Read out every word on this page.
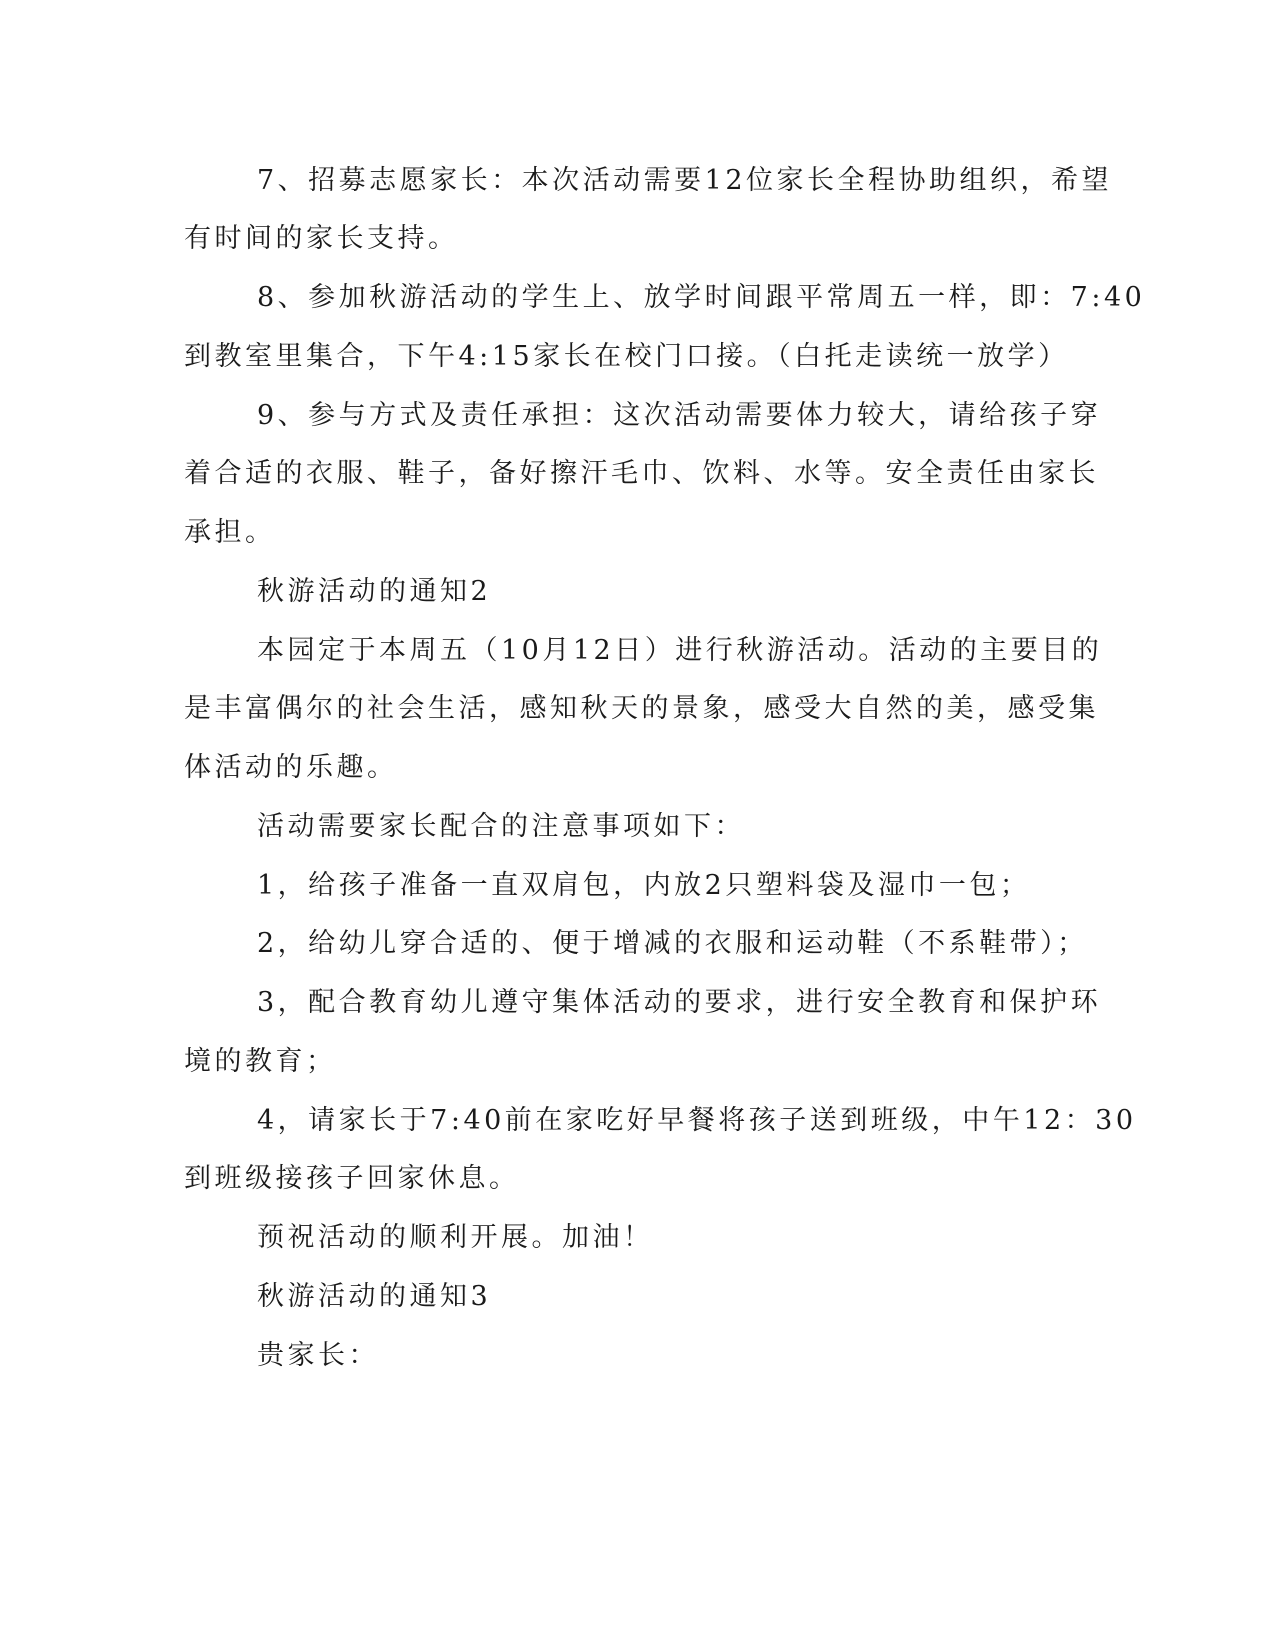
7、招募志愿家长：本次活动需要12位家长全程协助组织，希望
有时间的家长支持。
8、参加秋游活动的学生上、放学时间跟平常周五一样，即：7:40
到教室里集合，下午4:15家长在校门口接。（白托走读统一放学）
9、参与方式及责任承担：这次活动需要体力较大，请给孩子穿
着合适的衣服、鞋子，备好擦汗毛巾、饮料、水等。安全责任由家长
承担。
秋游活动的通知2
本园定于本周五（10月12日）进行秋游活动。活动的主要目的
是丰富偶尔的社会生活，感知秋天的景象，感受大自然的美，感受集
体活动的乐趣。
活动需要家长配合的注意事项如下：
1，给孩子准备一直双肩包，内放2只塑料袋及湿巾一包；
2，给幼儿穿合适的、便于增减的衣服和运动鞋（不系鞋带）；
3，配合教育幼儿遵守集体活动的要求，进行安全教育和保护环
境的教育；
4，请家长于7:40前在家吃好早餐将孩子送到班级，中午12：30
到班级接孩子回家休息。
预祝活动的顺利开展。加油！
秋游活动的通知3
贵家长：
